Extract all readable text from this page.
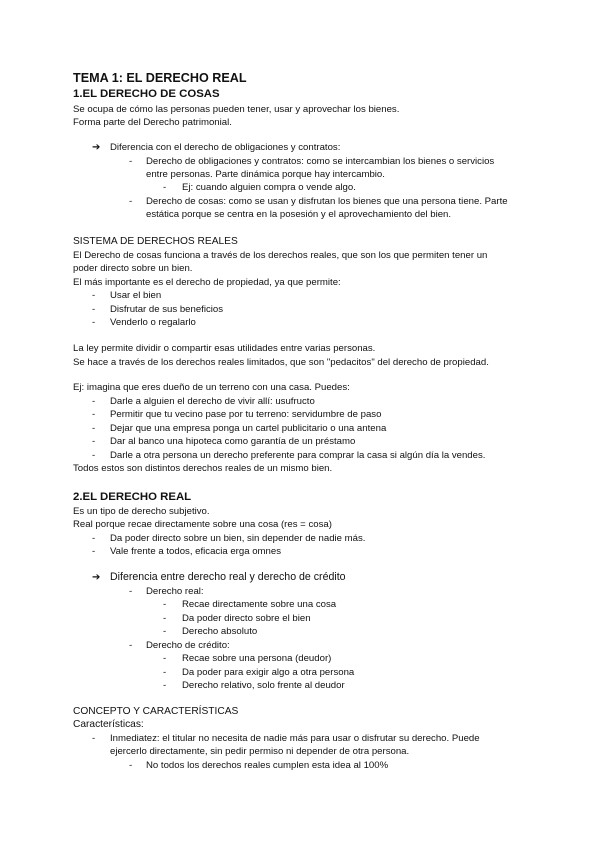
TEMA 1: EL DERECHO REAL
1.EL DERECHO DE COSAS
Se ocupa de cómo las personas pueden tener, usar y aprovechar los bienes.
Forma parte del Derecho patrimonial.
➔ Diferencia con el derecho de obligaciones y contratos:
- Derecho de obligaciones y contratos: como se intercambian los bienes o servicios
entre personas. Parte dinámica porque hay intercambio.
- Ej: cuando alguien compra o vende algo.
- Derecho de cosas: como se usan y disfrutan los bienes que una persona tiene. Parte
estática porque se centra en la posesión y el aprovechamiento del bien.
SISTEMA DE DERECHOS REALES
El Derecho de cosas funciona a través de los derechos reales, que son los que permiten tener un
poder directo sobre un bien.
El más importante es el derecho de propiedad, ya que permite:
- Usar el bien
- Disfrutar de sus beneficios
- Venderlo o regalarlo
La ley permite dividir o compartir esas utilidades entre varias personas.
Se hace a través de los derechos reales limitados, que son "pedacitos" del derecho de propiedad.
Ej: imagina que eres dueño de un terreno con una casa. Puedes:
- Darle a alguien el derecho de vivir allí: usufructo
- Permitir que tu vecino pase por tu terreno: servidumbre de paso
- Dejar que una empresa ponga un cartel publicitario o una antena
- Dar al banco una hipoteca como garantía de un préstamo
- Darle a otra persona un derecho preferente para comprar la casa si algún día la vendes.
Todos estos son distintos derechos reales de un mismo bien.
2.EL DERECHO REAL
Es un tipo de derecho subjetivo.
Real porque recae directamente sobre una cosa (res = cosa)
- Da poder directo sobre un bien, sin depender de nadie más.
- Vale frente a todos, eficacia erga omnes
➔ Diferencia entre derecho real y derecho de crédito
- Derecho real:
- Recae directamente sobre una cosa
- Da poder directo sobre el bien
- Derecho absoluto
- Derecho de crédito:
- Recae sobre una persona (deudor)
- Da poder para exigir algo a otra persona
- Derecho relativo, solo frente al deudor
CONCEPTO Y CARACTERÍSTICAS
Características:
- Inmediatez: el titular no necesita de nadie más para usar o disfrutar su derecho. Puede
ejercerlo directamente, sin pedir permiso ni depender de otra persona.
- No todos los derechos reales cumplen esta idea al 100%
